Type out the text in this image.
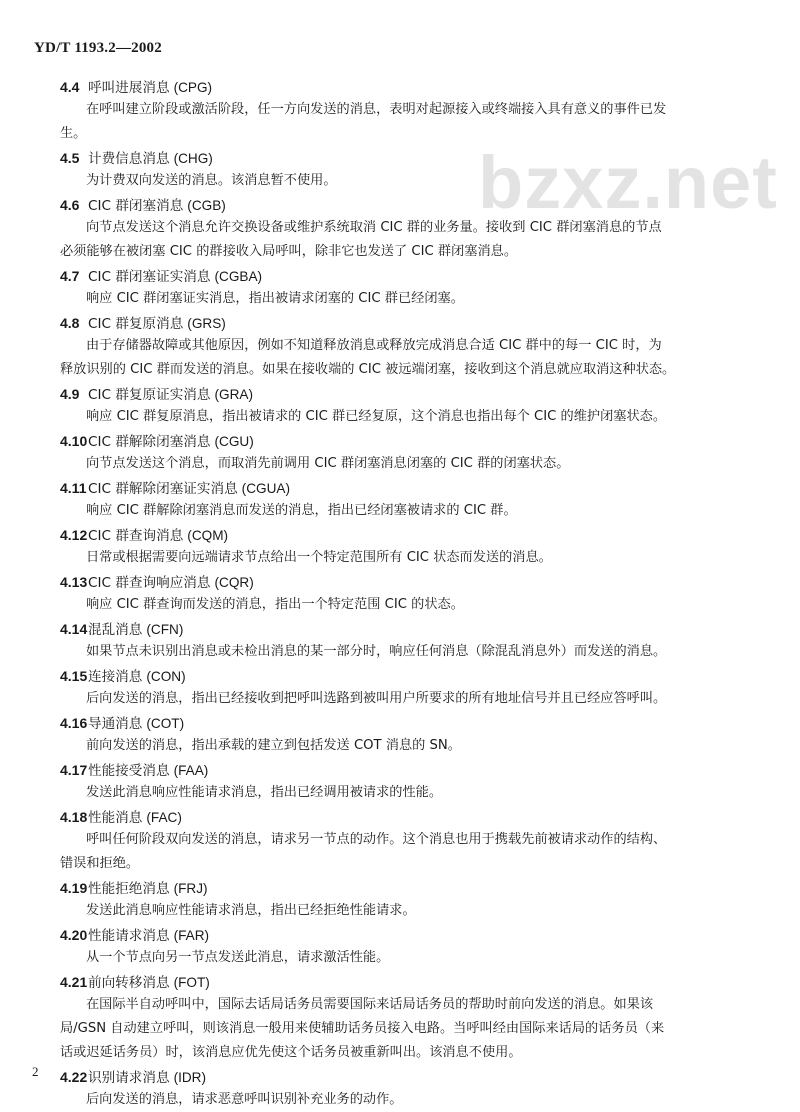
YD/T 1193.2—2002
bzxz.net
4.4 呼叫进展消息 (CPG)
在呼叫建立阶段或激活阶段，任一方向发送的消息，表明对起源接入或终端接入具有意义的事件已发
生。
4.5 计费信息消息 (CHG)
为计费双向发送的消息。该消息暂不使用。
4.6 CIC 群闭塞消息 (CGB)
向节点发送这个消息允许交换设备或维护系统取消 CIC 群的业务量。接收到 CIC 群闭塞消息的节点
必须能够在被闭塞 CIC 的群接收入局呼叫，除非它也发送了 CIC 群闭塞消息。
4.7 CIC 群闭塞证实消息 (CGBA)
响应 CIC 群闭塞证实消息，指出被请求闭塞的 CIC 群已经闭塞。
4.8 CIC 群复原消息 (GRS)
由于存储器故障或其他原因，例如不知道释放消息或释放完成消息合适 CIC 群中的每一 CIC 时，为
释放识别的 CIC 群而发送的消息。如果在接收端的 CIC 被远端闭塞，接收到这个消息就应取消这种状态。
4.9 CIC 群复原证实消息 (GRA)
响应 CIC 群复原消息，指出被请求的 CIC 群已经复原，这个消息也指出每个 CIC 的维护闭塞状态。
4.10CIC 群解除闭塞消息 (CGU)
向节点发送这个消息，而取消先前调用 CIC 群闭塞消息闭塞的 CIC 群的闭塞状态。
4.11 CIC 群解除闭塞证实消息 (CGUA)
响应 CIC 群解除闭塞消息而发送的消息，指出已经闭塞被请求的 CIC 群。
4.12CIC 群查询消息 (CQM)
日常或根据需要向远端请求节点给出一个特定范围所有 CIC 状态而发送的消息。
4.13CIC 群查询响应消息 (CQR)
响应 CIC 群查询而发送的消息，指出一个特定范围 CIC 的状态。
4.14混乱消息 (CFN)
如果节点未识别出消息或未检出消息的某一部分时，响应任何消息（除混乱消息外）而发送的消息。
4.15连接消息 (CON)
后向发送的消息，指出已经接收到把呼叫选路到被叫用户所要求的所有地址信号并且已经应答呼叫。
4.16导通消息 (COT)
前向发送的消息，指出承载的建立到包括发送 COT 消息的 SN。
4.17性能接受消息 (FAA)
发送此消息响应性能请求消息，指出已经调用被请求的性能。
4.18性能消息 (FAC)
呼叫任何阶段双向发送的消息，请求另一节点的动作。这个消息也用于携载先前被请求动作的结构、
错误和拒绝。
4.19性能拒绝消息 (FRJ)
发送此消息响应性能请求消息，指出已经拒绝性能请求。
4.20性能请求消息 (FAR)
从一个节点向另一节点发送此消息，请求激活性能。
4.21前向转移消息 (FOT)
在国际半自动呼叫中，国际去话局话务员需要国际来话局话务员的帮助时前向发送的消息。如果该
局/GSN 自动建立呼叫，则该消息一般用来使辅助话务员接入电路。当呼叫经由国际来话局的话务员（来
话或迟延话务员）时，该消息应优先使这个话务员被重新叫出。该消息不使用。
4.22识别请求消息 (IDR)
后向发送的消息，请求恶意呼叫识别补充业务的动作。
2
